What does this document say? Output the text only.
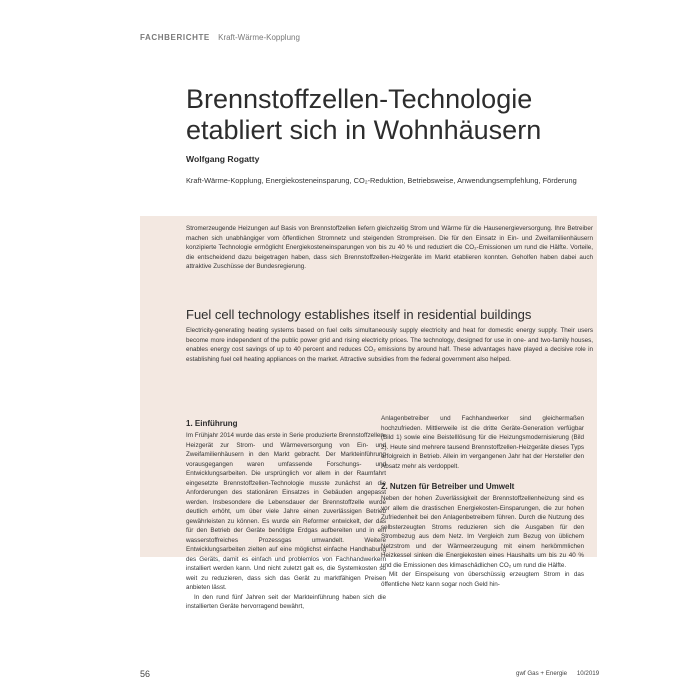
FACHBERICHTE Kraft-Wärme-Kopplung
Brennstoffzellen-Technologie
etabliert sich in Wohnhäusern
Wolfgang Rogatty
Kraft-Wärme-Kopplung, Energiekosteneinsparung, CO₂-Reduktion, Betriebsweise, Anwendungsempfehlung, Förderung
Stromerzeugende Heizungen auf Basis von Brennstoffzellen liefern gleichzeitig Strom und Wärme für die Hausenergieversorgung. Ihre Betreiber machen sich unabhängiger vom öffentlichen Stromnetz und steigenden Strompreisen. Die für den Einsatz in Ein- und Zweifamilienhäusern konzipierte Technologie ermöglicht Energiekosteneinsparungen von bis zu 40 % und reduziert die CO₂-Emissionen um rund die Hälfte. Vorteile, die entscheidend dazu beigetragen haben, dass sich Brennstoffzellen-Heizgeräte im Markt etablieren konnten. Geholfen haben dabei auch attraktive Zuschüsse der Bundesregierung.
Fuel cell technology establishes itself in residential buildings
Electricity-generating heating systems based on fuel cells simultaneously supply electricity and heat for domestic energy supply. Their users become more independent of the public power grid and rising electricity prices. The technology, designed for use in one- and two-family houses, enables energy cost savings of up to 40 percent and reduces CO₂ emissions by around half. These advantages have played a decisive role in establishing fuel cell heating appliances on the market. Attractive subsidies from the federal government also helped.
1. Einführung

Im Frühjahr 2014 wurde das erste in Serie produzierte Brennstoffzellen-Heizgerät zur Strom- und Wärmeversorgung von Ein- und Zweifamilienhäusern in den Markt gebracht. Der Markteinführung vorausgegangen waren umfassende Forschungs- und Entwicklungsarbeiten. Die ursprünglich vor allem in der Raumfahrt eingesetzte Brennstoffzellen-Technologie musste zunächst an die Anforderungen des stationären Einsatzes in Gebäuden angepasst werden. Insbesondere die Lebensdauer der Brennstoffzelle wurde deutlich erhöht, um über viele Jahre einen zuverlässigen Betrieb gewährleisten zu können. Es wurde ein Reformer entwickelt, der das für den Betrieb der Geräte benötigte Erdgas aufbereiten und in ein wasserstoffreiches Prozessgas umwandelt. Weitere Entwicklungsarbeiten zielten auf eine möglichst einfache Handhabung des Geräts, damit es einfach und problemlos von Fachhandwerkern installiert werden kann. Und nicht zuletzt galt es, die Systemkosten so weit zu reduzieren, dass sich das Gerät zu marktfähigen Preisen anbieten lässt.

In den rund fünf Jahren seit der Markteinführung haben sich die installierten Geräte hervorragend bewährt,

Anlagenbetreiber und Fachhandwerker sind gleichermaßen hochzufrieden. Mittlerweile ist die dritte Geräte-Generation verfügbar (Bild 1) sowie eine Beistelllösung für die Heizungsmodernisierung (Bild 2). Heute sind mehrere tausend Brennstoffzellen-Heizgeräte dieses Typs erfolgreich in Betrieb. Allein im vergangenen Jahr hat der Hersteller den Absatz mehr als verdoppelt.

2. Nutzen für Betreiber und Umwelt

Neben der hohen Zuverlässigkeit der Brennstoffzellenheizung sind es vor allem die drastischen Energiekosten-Einsparungen, die zur hohen Zufriedenheit bei den Anlagenbetreibern führen. Durch die Nutzung des selbsterzeugten Stroms reduzieren sich die Ausgaben für den Strombezug aus dem Netz. Im Vergleich zum Bezug von üblichem Netzstrom und der Wärmeerzeugung mit einem herkömmlichen Heizkessel sinken die Energiekosten eines Haushalts um bis zu 40 % und die Emissionen des klimaschädlichen CO₂ um rund die Hälfte.

Mit der Einspeisung von überschüssig erzeugtem Strom in das öffentliche Netz kann sogar noch Geld hin-

56	gwf Gas + Energie 10/2019
